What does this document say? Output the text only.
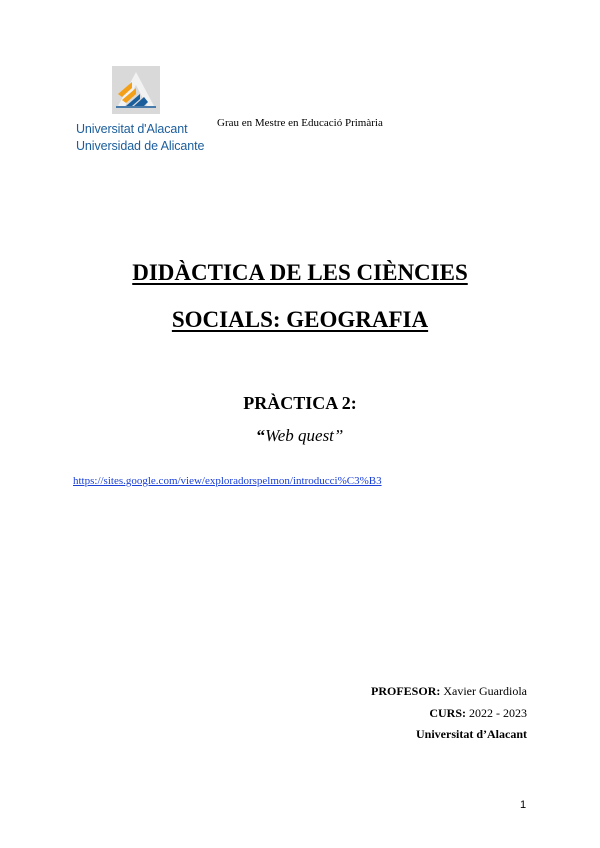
Universitat d'Alacant
Universidad de Alicante
Grau en Mestre en Educació Primària
DIDÀCTICA DE LES CIÈNCIES
SOCIALS: GEOGRAFIA
PRÀCTICA 2:
“Web quest”
https://sites.google.com/view/exploradorspelmon/introducci%C3%B3
PROFESOR: Xavier Guardiola
CURS: 2022 - 2023
Universitat d’Alacant
1
